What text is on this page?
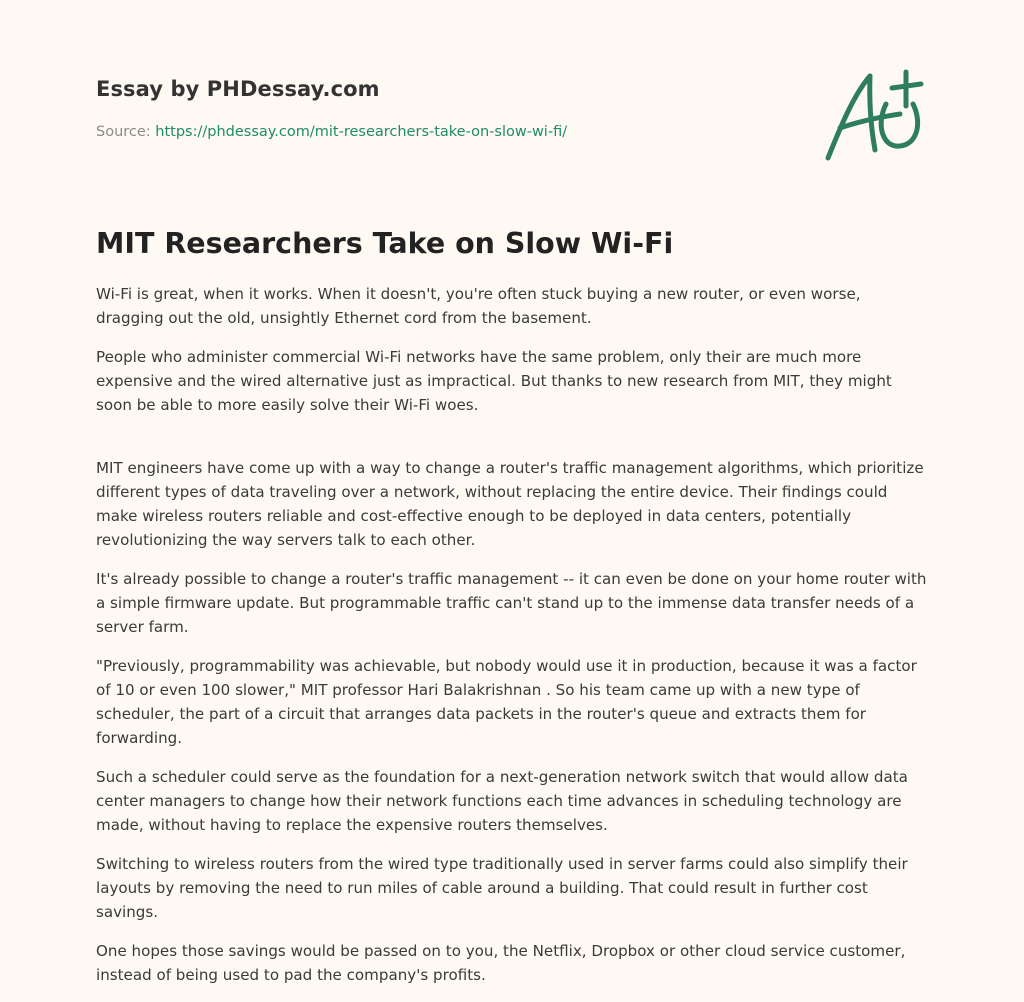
Essay by PHDessay.com
Source: https://phdessay.com/mit-researchers-take-on-slow-wi-fi/
MIT Researchers Take on Slow Wi-Fi

Wi-Fi is great, when it works. When it doesn't, you're often stuck buying a new router, or even worse, dragging out the old, unsightly Ethernet cord from the basement.

People who administer commercial Wi-Fi networks have the same problem, only their are much more expensive and the wired alternative just as impractical. But thanks to new research from MIT, they might soon be able to more easily solve their Wi-Fi woes.

MIT engineers have come up with a way to change a router's traffic management algorithms, which prioritize different types of data traveling over a network, without replacing the entire device. Their findings could make wireless routers reliable and cost-effective enough to be deployed in data centers, potentially revolutionizing the way servers talk to each other.

It's already possible to change a router's traffic management -- it can even be done on your home router with a simple firmware update. But programmable traffic can't stand up to the immense data transfer needs of a server farm.

"Previously, programmability was achievable, but nobody would use it in production, because it was a factor of 10 or even 100 slower," MIT professor Hari Balakrishnan . So his team came up with a new type of scheduler, the part of a circuit that arranges data packets in the router's queue and extracts them for forwarding.

Such a scheduler could serve as the foundation for a next-generation network switch that would allow data center managers to change how their network functions each time advances in scheduling technology are made, without having to replace the expensive routers themselves.

Switching to wireless routers from the wired type traditionally used in server farms could also simplify their layouts by removing the need to run miles of cable around a building. That could result in further cost savings.

One hopes those savings would be passed on to you, the Netflix, Dropbox or other cloud service customer, instead of being used to pad the company's profits.
